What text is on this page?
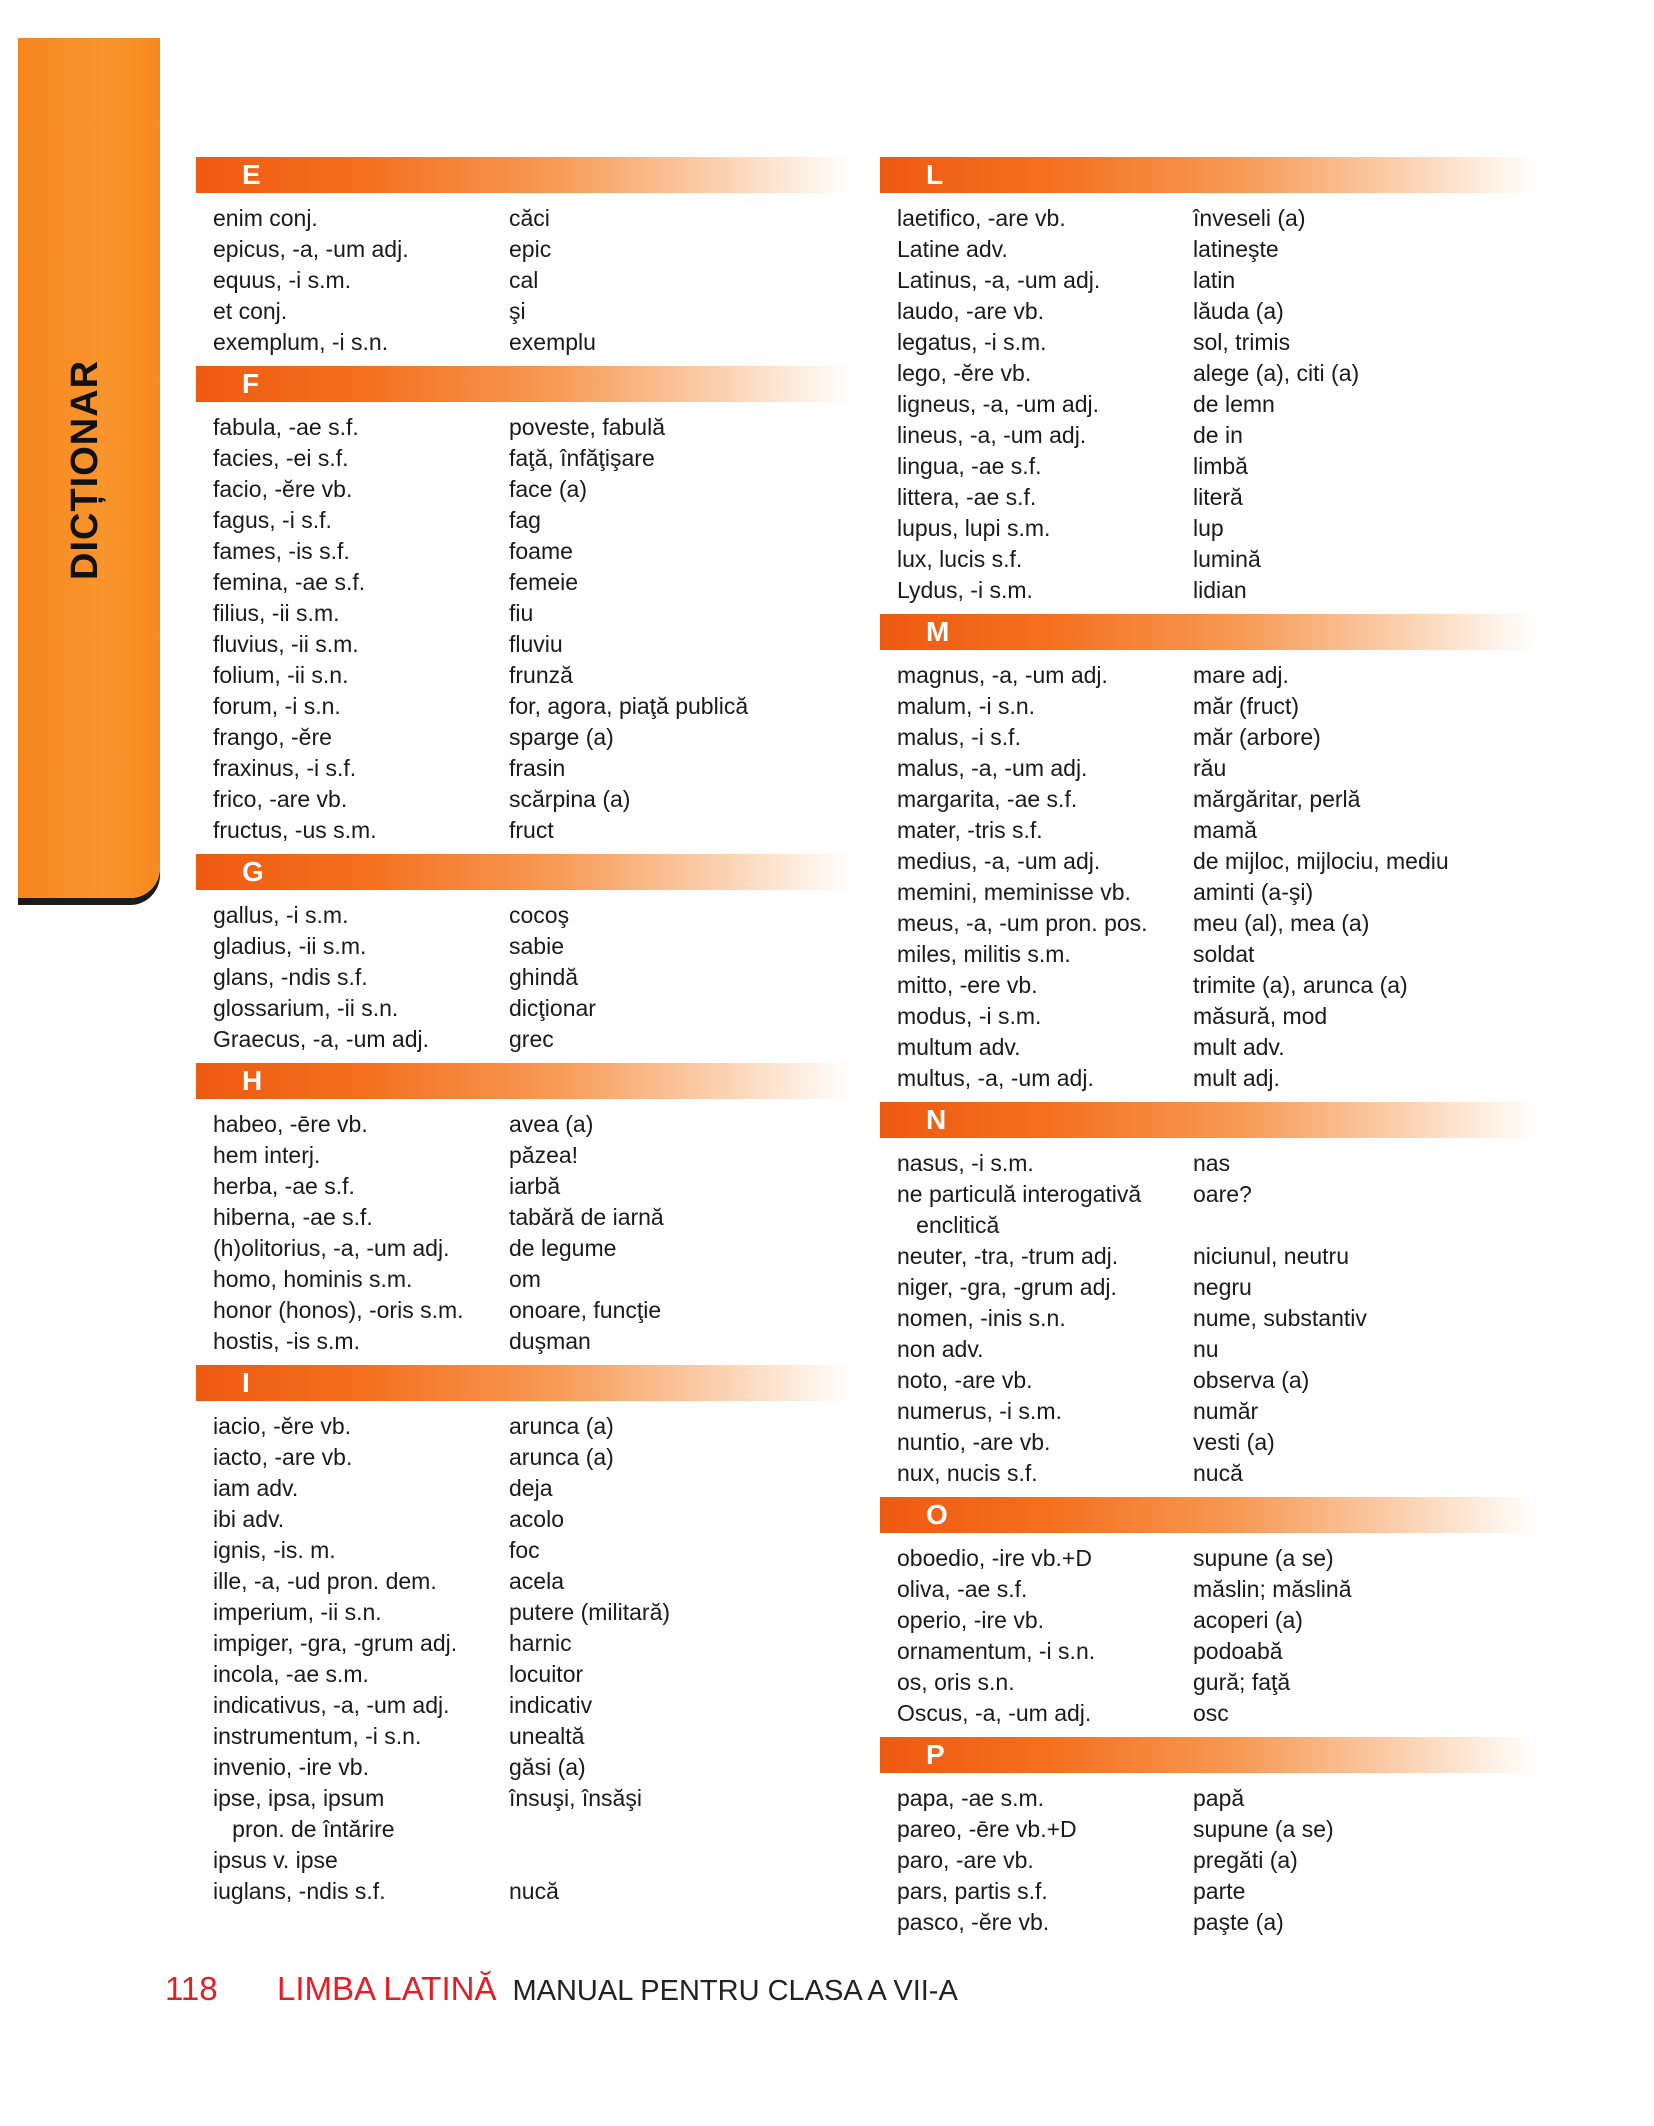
DICȚIONAR
E
enim conj.	căci
epicus, -a, -um adj.	epic
equus, -i s.m.	cal
et conj.	şi
exemplum, -i s.n.	exemplu
F
fabula, -ae s.f.	poveste, fabulă
facies, -ei s.f.	faţă, înfăţişare
facio, -ĕre vb.	face (a)
fagus, -i s.f.	fag
fames, -is s.f.	foame
femina, -ae s.f.	femeie
filius, -ii s.m.	fiu
fluvius, -ii s.m.	fluviu
folium, -ii s.n.	frunză
forum, -i s.n.	for, agora, piaţă publică
frango, -ĕre	sparge (a)
fraxinus, -i s.f.	frasin
frico, -are vb.	scărpina (a)
fructus, -us s.m.	fruct
G
gallus, -i s.m.	cocoş
gladius, -ii s.m.	sabie
glans, -ndis s.f.	ghindă
glossarium, -ii s.n.	dicţionar
Graecus, -a, -um adj.	grec
H
habeo, -ēre vb.	avea (a)
hem interj.	păzea!
herba, -ae s.f.	iarbă
hiberna, -ae s.f.	tabără de iarnă
(h)olitorius, -a, -um adj.	de legume
homo, hominis s.m.	om
honor (honos), -oris s.m.	onoare, funcţie
hostis, -is s.m.	duşman
I
iacio, -ĕre vb.	arunca (a)
iacto, -are vb.	arunca (a)
iam adv.	deja
ibi adv.	acolo
ignis, -is. m.	foc
ille, -a, -ud pron. dem.	acela
imperium, -ii s.n.	putere (militară)
impiger, -gra, -grum adj.	harnic
incola, -ae s.m.	locuitor
indicativus, -a, -um adj.	indicativ
instrumentum, -i s.n.	unealtă
invenio, -ire vb.	găsi (a)
ipse, ipsa, ipsum	însuşi, însăşi
pron. de întărire
ipsus v. ipse
iuglans, -ndis s.f.	nucă
L
laetifico, -are vb.	înveseli (a)
Latine adv.	latineşte
Latinus, -a, -um adj.	latin
laudo, -are vb.	lăuda (a)
legatus, -i s.m.	sol, trimis
lego, -ĕre vb.	alege (a), citi (a)
ligneus, -a, -um adj.	de lemn
lineus, -a, -um adj.	de in
lingua, -ae s.f.	limbă
littera, -ae s.f.	literă
lupus, lupi s.m.	lup
lux, lucis s.f.	lumină
Lydus, -i s.m.	lidian
M
magnus, -a, -um adj.	mare adj.
malum, -i s.n.	măr (fruct)
malus, -i s.f.	măr (arbore)
malus, -a, -um adj.	rău
margarita, -ae s.f.	mărgăritar, perlă
mater, -tris s.f.	mamă
medius, -a, -um adj.	de mijloc, mijlociu, mediu
memini, meminisse vb.	aminti (a-şi)
meus, -a, -um pron. pos.	meu (al), mea (a)
miles, militis s.m.	soldat
mitto, -ere vb.	trimite (a), arunca (a)
modus, -i s.m.	măsură, mod
multum adv.	mult adv.
multus, -a, -um adj.	mult adj.
N
nasus, -i s.m.	nas
ne particulă interogativă	oare?
enclitică
neuter, -tra, -trum adj.	niciunul, neutru
niger, -gra, -grum adj.	negru
nomen, -inis s.n.	nume, substantiv
non adv.	nu
noto, -are vb.	observa (a)
numerus, -i s.m.	număr
nuntio, -are vb.	vesti (a)
nux, nucis s.f.	nucă
O
oboedio, -ire vb.+D	supune (a se)
oliva, -ae s.f.	măslin; măslină
operio, -ire vb.	acoperi (a)
ornamentum, -i s.n.	podoabă
os, oris s.n.	gură; faţă
Oscus, -a, -um adj.	osc
P
papa, -ae s.m.	papă
pareo, -ēre vb.+D	supune (a se)
paro, -are vb.	pregăti (a)
pars, partis s.f.	parte
pasco, -ĕre vb.	paşte (a)
118	LIMBA LATINĂ MANUAL PENTRU CLASA A VII-A
